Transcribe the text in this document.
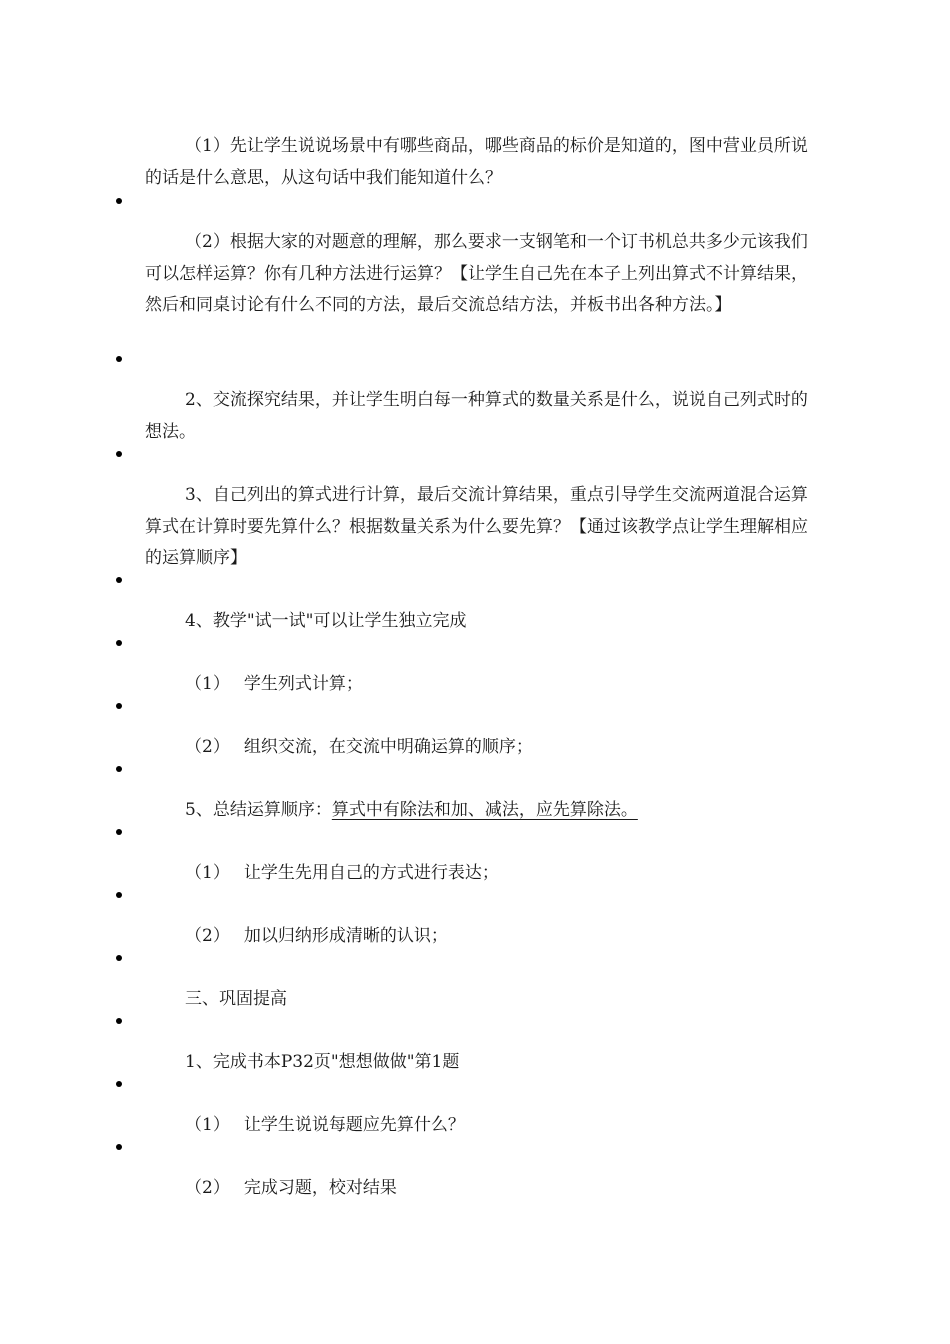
（1）先让学生说说场景中有哪些商品，哪些商品的标价是知道的，图中营业员所说的话是什么意思，从这句话中我们能知道什么？

（2）根据大家的对题意的理解，那么要求一支钢笔和一个订书机总共多少元该我们可以怎样运算？你有几种方法进行运算？【让学生自己先在本子上列出算式不计算结果，然后和同桌讨论有什么不同的方法，最后交流总结方法，并板书出各种方法。】

2、交流探究结果，并让学生明白每一种算式的数量关系是什么，说说自己列式时的想法。

3、自己列出的算式进行计算，最后交流计算结果，重点引导学生交流两道混合运算算式在计算时要先算什么？根据数量关系为什么要先算？【通过该教学点让学生理解相应的运算顺序】

4、教学"试一试"可以让学生独立完成

（1） 学生列式计算；

（2） 组织交流，在交流中明确运算的顺序；

5、总结运算顺序：算式中有除法和加、减法，应先算除法。

（1） 让学生先用自己的方式进行表达；

（2） 加以归纳形成清晰的认识；

三、巩固提高

1、完成书本P32页"想想做做"第1题

（1） 让学生说说每题应先算什么？

（2） 完成习题，校对结果
